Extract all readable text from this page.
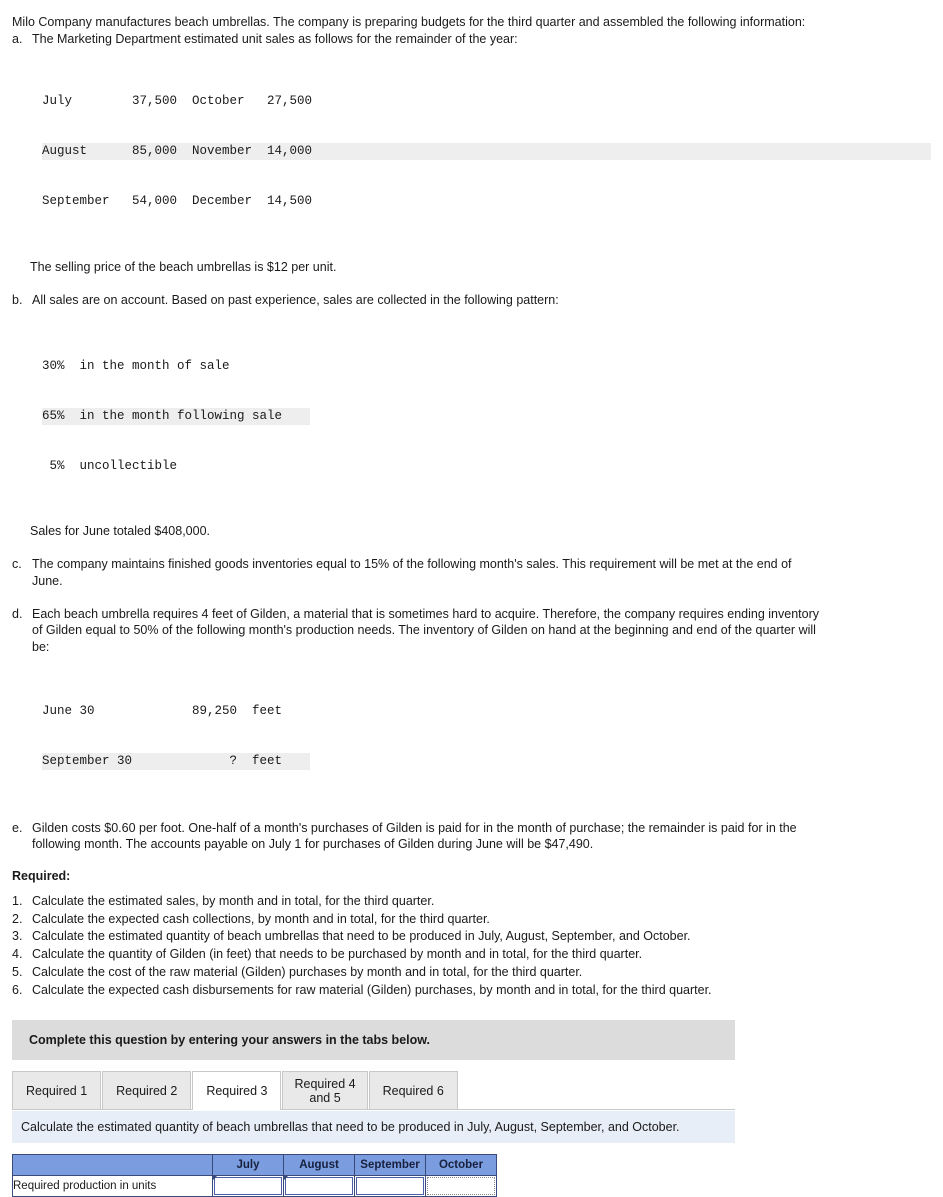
Milo Company manufactures beach umbrellas. The company is preparing budgets for the third quarter and assembled the following information:

a. The Marketing Department estimated unit sales as follows for the remainder of the year:

July        37,500  October   27,500

August      85,000  November  14,000

September   54,000  December  14,500

The selling price of the beach umbrellas is $12 per unit.
b. All sales are on account. Based on past experience, sales are collected in the following pattern:

30%  in the month of sale

65%  in the month following sale

5%  uncollectible

Sales for June totaled $408,000.
c. The company maintains finished goods inventories equal to 15% of the following month's sales. This requirement will be met at the end of June.
d. Each beach umbrella requires 4 feet of Gilden, a material that is sometimes hard to acquire. Therefore, the company requires ending inventory of Gilden equal to 50% of the following month's production needs. The inventory of Gilden on hand at the beginning and end of the quarter will be:

June 30             89,250  feet

September 30             ?  feet

e. Gilden costs $0.60 per foot. One-half of a month's purchases of Gilden is paid for in the month of purchase; the remainder is paid for in the following month. The accounts payable on July 1 for purchases of Gilden during June will be $47,490.
Required:
1. Calculate the estimated sales, by month and in total, for the third quarter.
2. Calculate the expected cash collections, by month and in total, for the third quarter.
3. Calculate the estimated quantity of beach umbrellas that need to be produced in July, August, September, and October.
4. Calculate the quantity of Gilden (in feet) that needs to be purchased by month and in total, for the third quarter.
5. Calculate the cost of the raw material (Gilden) purchases by month and in total, for the third quarter.
6. Calculate the expected cash disbursements for raw material (Gilden) purchases, by month and in total, for the third quarter.
Complete this question by entering your answers in the tabs below.
Required 1 Required 2 Required 3
Required 4
and 5
Required 6
Calculate the estimated quantity of beach umbrellas that need to be produced in July, August, September, and October.
	July	August	September	October
Required production in units	
